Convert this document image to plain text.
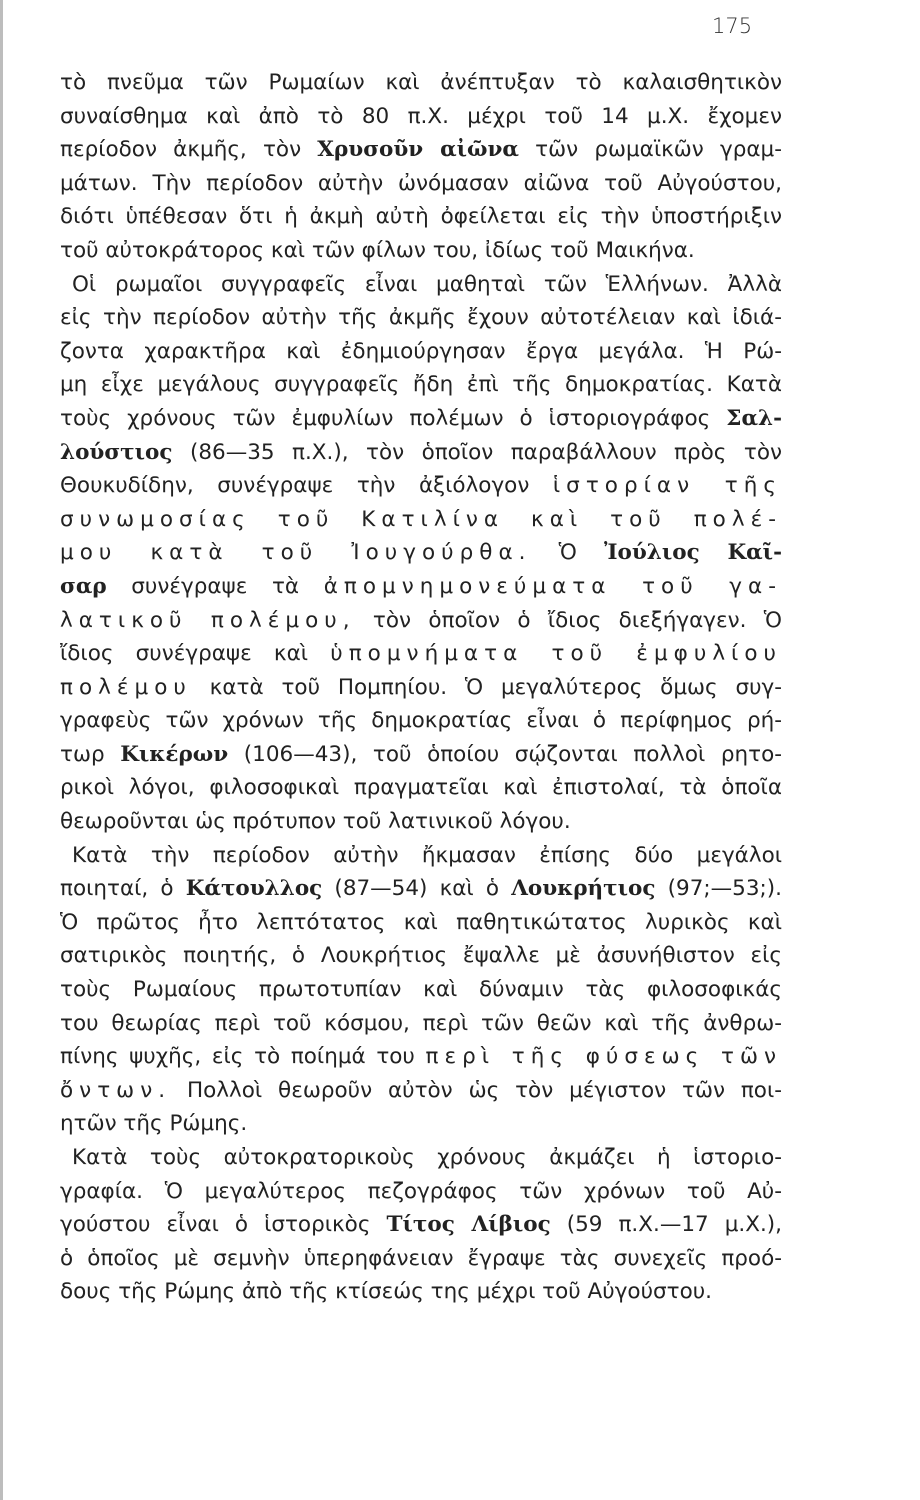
175
τὸ πνεῦμα τῶν Ρωμαίων καὶ ἀνέπτυξαν τὸ καλαισθητικὸν
συναίσθημα καὶ ἀπὸ τὸ 80 π.Χ. μέχρι τοῦ 14 μ.Χ. ἔχομεν
περίοδον ἀκμῆς, τὸν Χρυσοῦν αἰῶνα τῶν ρωμαϊκῶν γραμ-
μάτων. Τὴν περίοδον αὐτὴν ὠνόμασαν αἰῶνα τοῦ Αὐγούστου,
διότι ὑπέθεσαν ὅτι ἡ ἀκμὴ αὐτὴ ὀφείλεται εἰς τὴν ὑποστήριξιν
τοῦ αὐτοκράτορος καὶ τῶν φίλων του, ἰδίως τοῦ Μαικήνα.
Οἱ ρωμαῖοι συγγραφεῖς εἶναι μαθηταὶ τῶν Ἑλλήνων. Ἀλλὰ
εἰς τὴν περίοδον αὐτὴν τῆς ἀκμῆς ἔχουν αὐτοτέλειαν καὶ ἰδιά-
ζοντα χαρακτῆρα καὶ ἐδημιούργησαν ἔργα μεγάλα. Ἡ Ρώ-
μη εἶχε μεγάλους συγγραφεῖς ἤδη ἐπὶ τῆς δημοκρατίας. Κατὰ
τοὺς χρόνους τῶν ἐμφυλίων πολέμων ὁ ἱστοριογράφος Σαλ-
λούστιος (86—35 π.Χ.), τὸν ὁποῖον παραβάλλουν πρὸς τὸν
Θουκυδίδην, συνέγραψε τὴν ἀξιόλογον ἱστορίαν τῆς
συνωμοσίας τοῦ Κατιλίνα καὶ τοῦ πολέ-
μου κατὰ τοῦ Ἰουγούρθα. Ὁ Ἰούλιος Καῖ-
σαρ συνέγραψε τὰ ἀπομνημονεύματα τοῦ γα-
λατικοῦ πολέμου, τὸν ὁποῖον ὁ ἴδιος διεξήγαγεν. Ὁ
ἴδιος συνέγραψε καὶ ὑπομνήματα τοῦ ἐμφυλίου
πολέμου κατὰ τοῦ Πομπηίου. Ὁ μεγαλύτερος ὅμως συγ-
γραφεὺς τῶν χρόνων τῆς δημοκρατίας εἶναι ὁ περίφημος ρή-
τωρ Κικέρων (106—43), τοῦ ὁποίου σῴζονται πολλοὶ ρητο-
ρικοὶ λόγοι, φιλοσοφικαὶ πραγματεῖαι καὶ ἐπιστολαί, τὰ ὁποῖα
θεωροῦνται ὡς πρότυπον τοῦ λατινικοῦ λόγου.
Κατὰ τὴν περίοδον αὐτὴν ἤκμασαν ἐπίσης δύο μεγάλοι
ποιηταί, ὁ Κάτουλλος (87—54) καὶ ὁ Λουκρήτιος (97;—53;).
Ὁ πρῶτος ἦτο λεπτότατος καὶ παθητικώτατος λυρικὸς καὶ
σατιρικὸς ποιητής, ὁ Λουκρήτιος ἔψαλλε μὲ ἀσυνήθιστον εἰς
τοὺς Ρωμαίους πρωτοτυπίαν καὶ δύναμιν τὰς φιλοσοφικάς
του θεωρίας περὶ τοῦ κόσμου, περὶ τῶν θεῶν καὶ τῆς ἀνθρω-
πίνης ψυχῆς, εἰς τὸ ποίημά του περὶ τῆς φύσεως τῶν
ὄντων. Πολλοὶ θεωροῦν αὐτὸν ὡς τὸν μέγιστον τῶν ποι-
ητῶν τῆς Ρώμης.
Κατὰ τοὺς αὐτοκρατορικοὺς χρόνους ἀκμάζει ἡ ἱστοριο-
γραφία. Ὁ μεγαλύτερος πεζογράφος τῶν χρόνων τοῦ Αὐ-
γούστου εἶναι ὁ ἱστορικὸς Τίτος Λίβιος (59 π.Χ.—17 μ.Χ.),
ὁ ὁποῖος μὲ σεμνὴν ὑπερηφάνειαν ἔγραψε τὰς συνεχεῖς προό-
δους τῆς Ρώμης ἀπὸ τῆς κτίσεώς της μέχρι τοῦ Αὐγούστου.
